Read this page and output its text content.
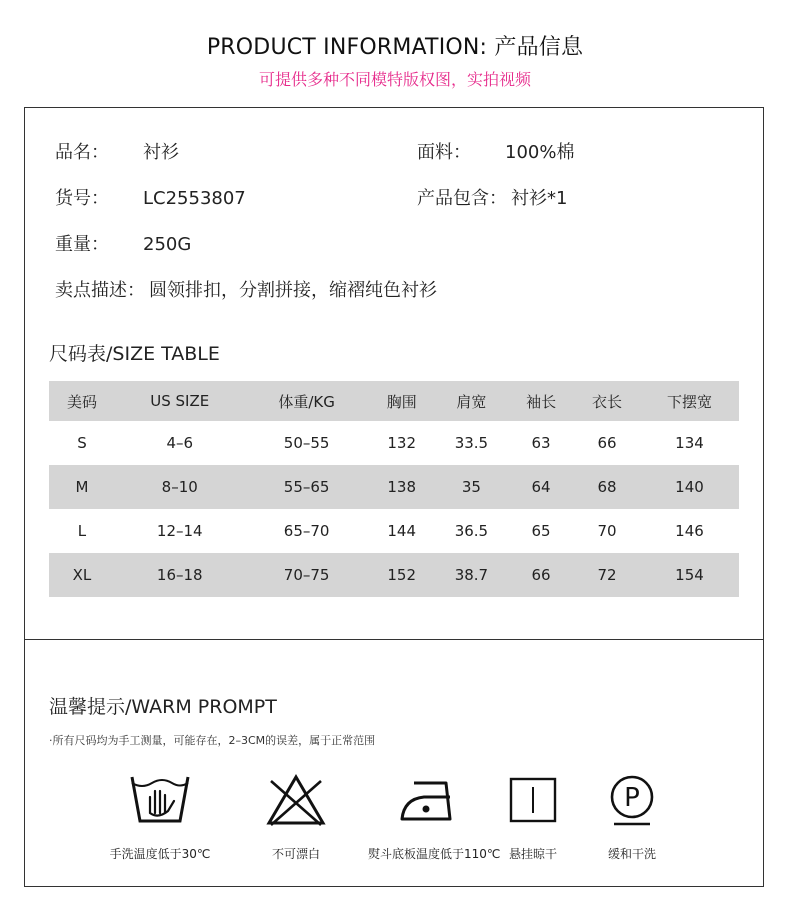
PRODUCT INFORMATION: 产品信息
可提供多种不同模特版权图，实拍视频
品名： 衬衫	面料： 100%棉
货号： LC2553807	产品包含： 衬衫*1
重量： 250G
卖点描述： 圆领排扣，分割拼接，缩褶纯色衬衫
尺码表/SIZE TABLE
美码	US SIZE	体重/KG	胸围	肩宽	袖长	衣长	下摆宽
S	4–6	50–55	132	33.5	63	66	134
M	8–10	55–65	138	35	64	68	140
L	12–14	65–70	144	36.5	65	70	146
XL	16–18	70–75	152	38.7	66	72	154
温馨提示/WARM PROMPT
·所有尺码均为手工测量，可能存在，2–3CM的误差，属于正常范围
手洗温度低于30℃	不可漂白	熨斗底板温度低于110℃ 悬挂晾干
P
缓和干洗
